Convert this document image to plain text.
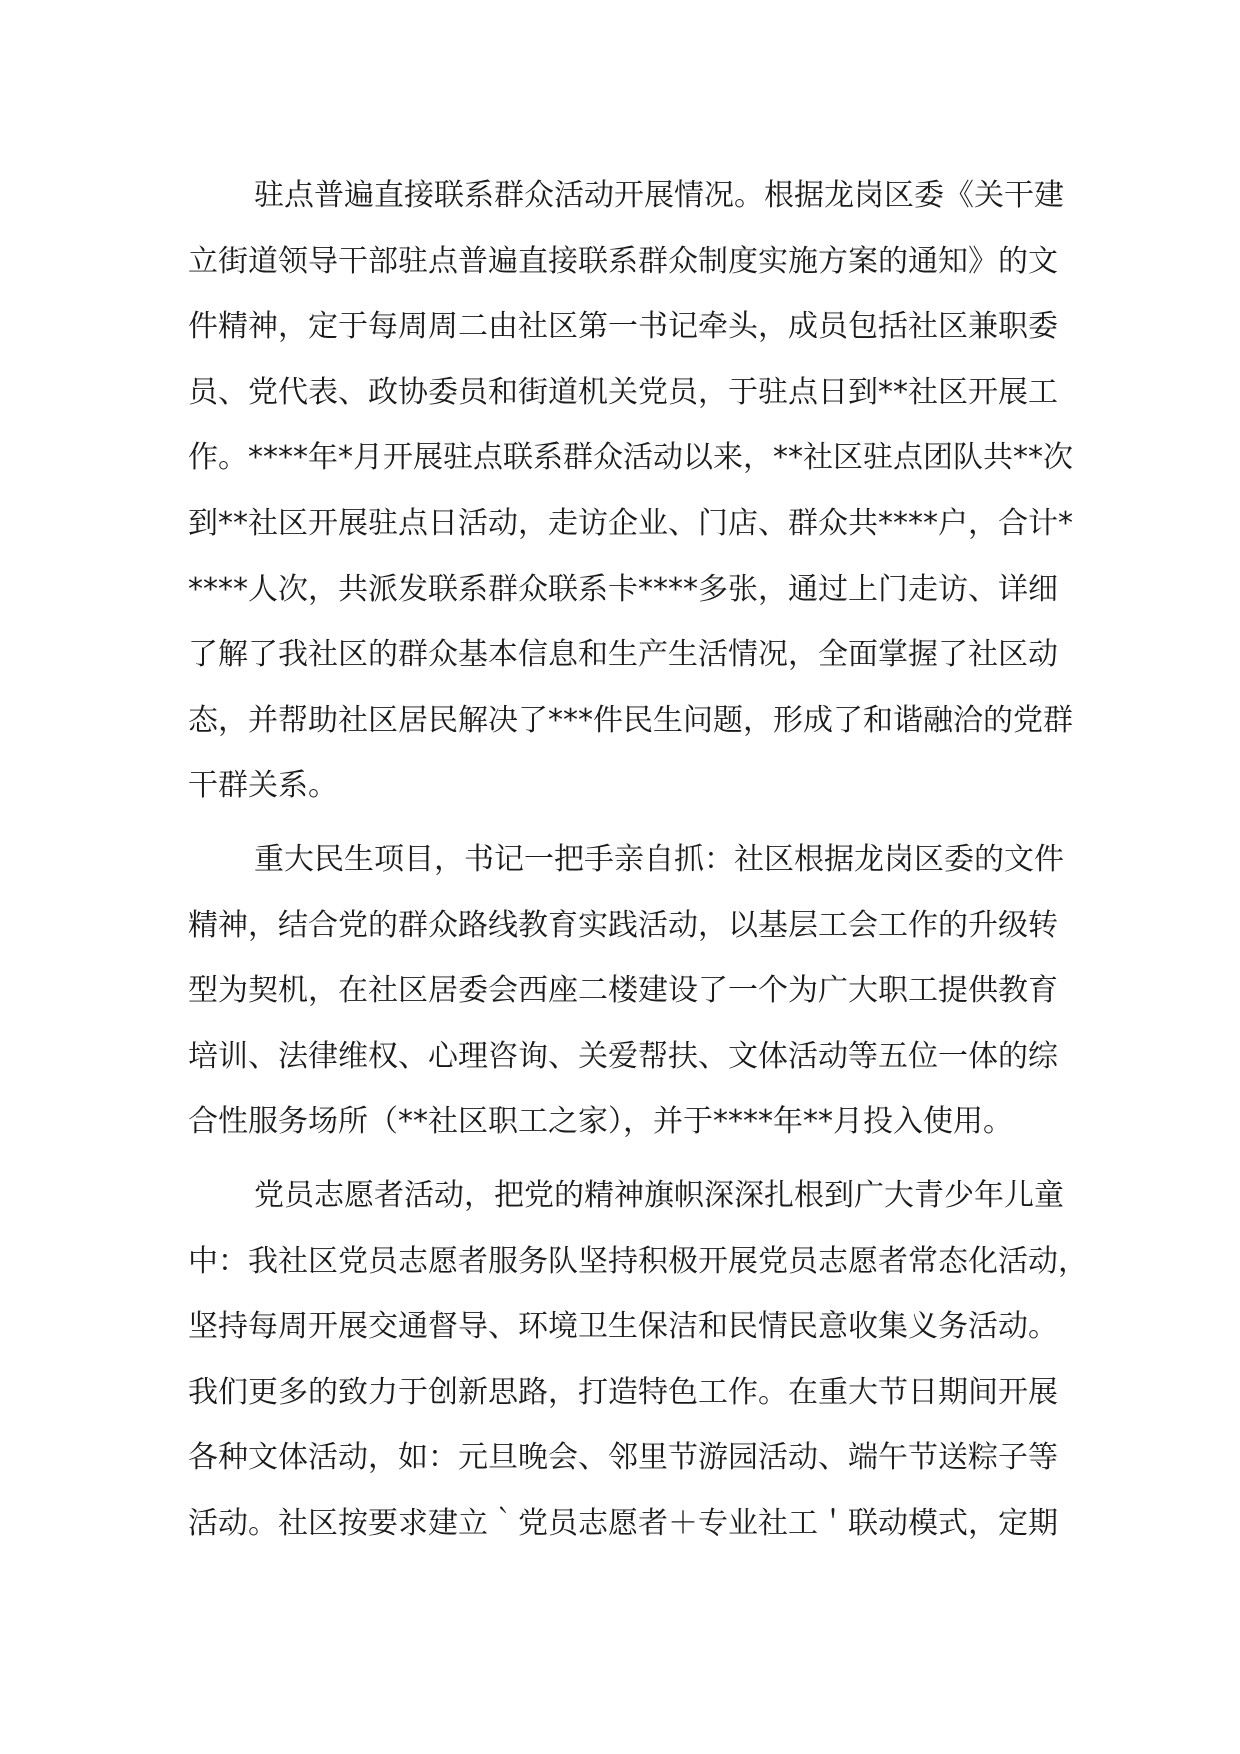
驻点普遍直接联系群众活动开展情况。根据龙岗区委《关干建
立街道领导干部驻点普遍直接联系群众制度实施方案的通知》的文
件精神，定于每周周二由社区第一书记牵头，成员包括社区兼职委
员、党代表、政协委员和街道机关党员，于驻点日到**社区开展工
作。****年*月开展驻点联系群众活动以来，**社区驻点团队共**次
到**社区开展驻点日活动，走访企业、门店、群众共****户，合计*
****人次，共派发联系群众联系卡****多张，通过上门走访、详细
了解了我社区的群众基本信息和生产生活情况，全面掌握了社区动
态，并帮助社区居民解决了***件民生问题，形成了和谐融洽的党群
干群关系。
重大民生项目，书记一把手亲自抓：社区根据龙岗区委的文件
精神，结合党的群众路线教育实践活动，以基层工会工作的升级转
型为契机，在社区居委会西座二楼建设了一个为广大职工提供教育
培训、法律维权、心理咨询、关爱帮扶、文体活动等五位一体的综
合性服务场所（**社区职工之家），并于****年**月投入使用。
党员志愿者活动，把党的精神旗帜深深扎根到广大青少年儿童
中：我社区党员志愿者服务队坚持积极开展党员志愿者常态化活动，
坚持每周开展交通督导、环境卫生保洁和民情民意收集义务活动。
我们更多的致力于创新思路，打造特色工作。在重大节日期间开展
各种文体活动，如：元旦晚会、邻里节游园活动、端午节送粽子等
活动。社区按要求建立｀党员志愿者＋专业社工＇联动模式，定期
